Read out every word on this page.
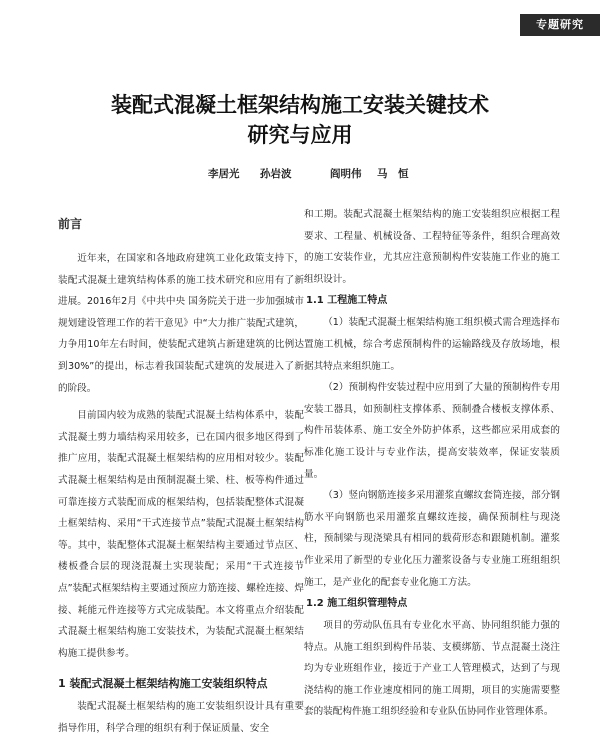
专题研究
装配式混凝土框架结构施工安装关键技术
研究与应用
李居光 孙岩波	阎明伟 马　恒
前言

近年来，在国家和各地政府建筑工业化政策支持下，装配式混凝土建筑结构体系的施工技术研究和应用有了新进展。2016年2月《中共中央 国务院关于进一步加强城市规划建设管理工作的若干意见》中“大力推广装配式建筑，力争用10年左右时间，使装配式建筑占新建建筑的比例达到30%”的提出，标志着我国装配式建筑的发展进入了新的阶段。

目前国内较为成熟的装配式混凝土结构体系中，装配式混凝土剪力墙结构采用较多，已在国内很多地区得到了推广应用，装配式混凝土框架结构的应用相对较少。装配式混凝土框架结构是由预制混凝土梁、柱、板等构件通过可靠连接方式装配而成的框架结构，包括装配整体式混凝土框架结构、采用“干式连接节点”装配式混凝土框架结构等。其中，装配整体式混凝土框架结构主要通过节点区、楼板叠合层的现浇混凝土实现装配；采用“干式连接节点”装配式框架结构主要通过预应力筋连接、螺栓连接、焊接、耗能元件连接等方式完成装配。本文将重点介绍装配式混凝土框架结构施工安装技术，为装配式混凝土框架结构施工提供参考。

1 装配式混凝土框架结构施工安装组织特点

装配式混凝土框架结构的施工安装组织设计具有重要指导作用，科学合理的组织有利于保证质量、安全

和工期。装配式混凝土框架结构的施工安装组织应根据工程要求、工程量、机械设备、工程特征等条件，组织合理高效的施工安装作业，尤其应注意预制构件安装施工作业的施工组织设计。

1.1 工程施工特点

（1）装配式混凝土框架结构施工组织模式需合理选择布置施工机械，综合考虑预制构件的运输路线及存放场地，根据其特点来组织施工。

（2）预制构件安装过程中应用到了大量的预制构件专用安装工器具，如预制柱支撑体系、预制叠合楼板支撑体系、构件吊装体系、施工安全外防护体系，这些都应采用成套的标准化施工设计与专业作法，提高安装效率，保证安装质量。

（3）竖向钢筋连接多采用灌浆直螺纹套筒连接，部分钢筋水平向钢筋也采用灌浆直螺纹连接，确保预制柱与现浇柱，预制梁与现浇梁具有相同的载荷形态和跟随机制。灌浆作业采用了新型的专业化压力灌浆设备与专业施工班组组织施工，是产业化的配套专业化施工方法。

1.2 施工组织管理特点

项目的劳动队伍具有专业化水平高、协同组织能力强的特点。从施工组织到构件吊装、支模绑筋、节点混凝土浇注均为专业班组作业，接近于产业工人管理模式，达到了与现浇结构的施工作业速度相同的施工周期，项目的实施需要整套的装配构件施工组织经验和专业队伍协同作业管理体系。
